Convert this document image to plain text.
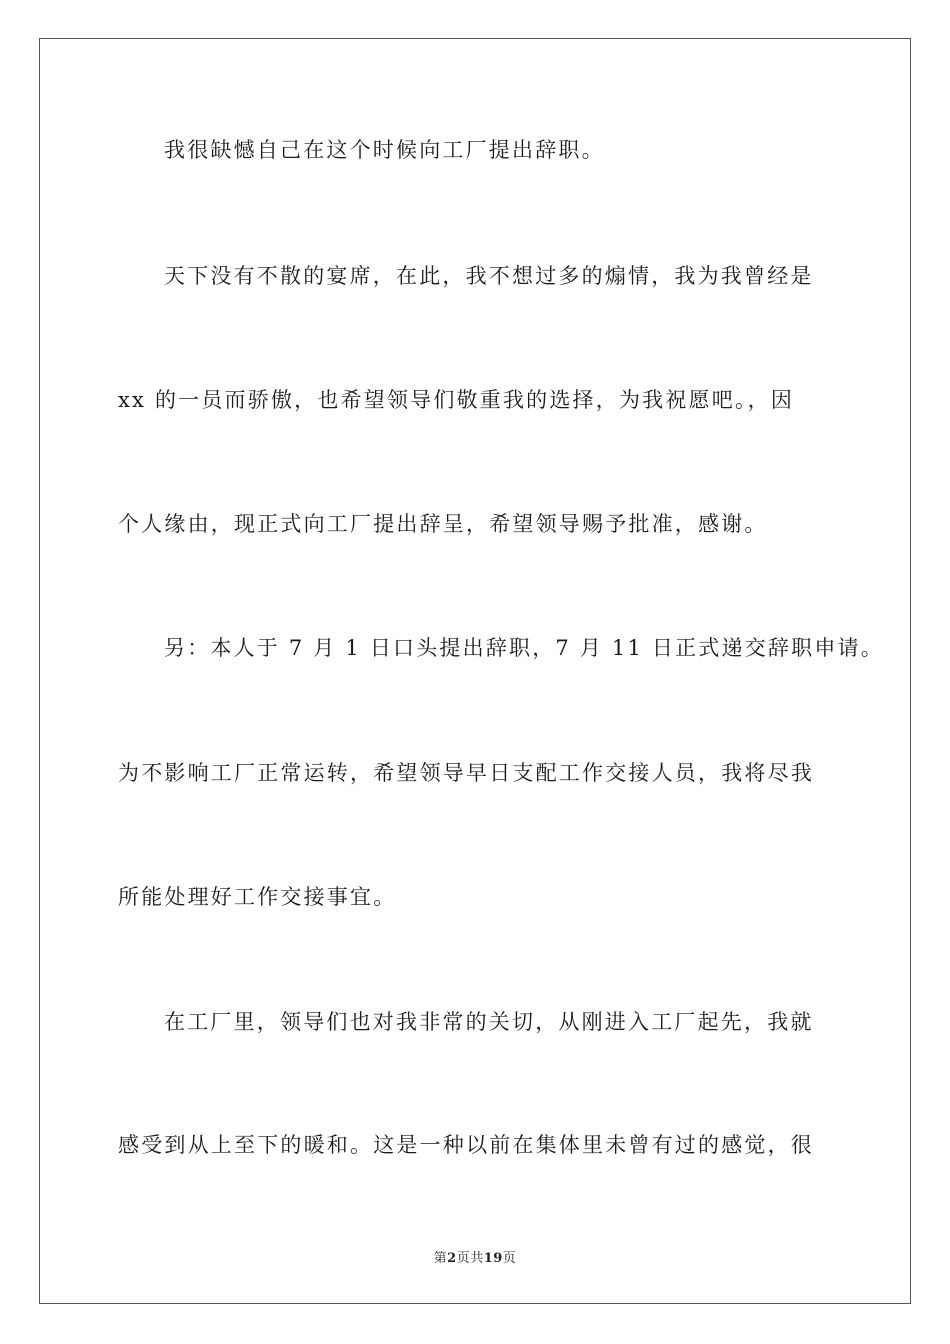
我很缺憾自己在这个时候向工厂提出辞职。
天下没有不散的宴席，在此，我不想过多的煽情，我为我曾经是
xx 的一员而骄傲，也希望领导们敬重我的选择，为我祝愿吧。，因
个人缘由，现正式向工厂提出辞呈，希望领导赐予批准，感谢。
另：本人于 7 月 1 日口头提出辞职，7 月 11 日正式递交辞职申请。
为不影响工厂正常运转，希望领导早日支配工作交接人员，我将尽我
所能处理好工作交接事宜。
在工厂里，领导们也对我非常的关切，从刚进入工厂起先，我就
感受到从上至下的暖和。这是一种以前在集体里未曾有过的感觉，很
第2页共19页
